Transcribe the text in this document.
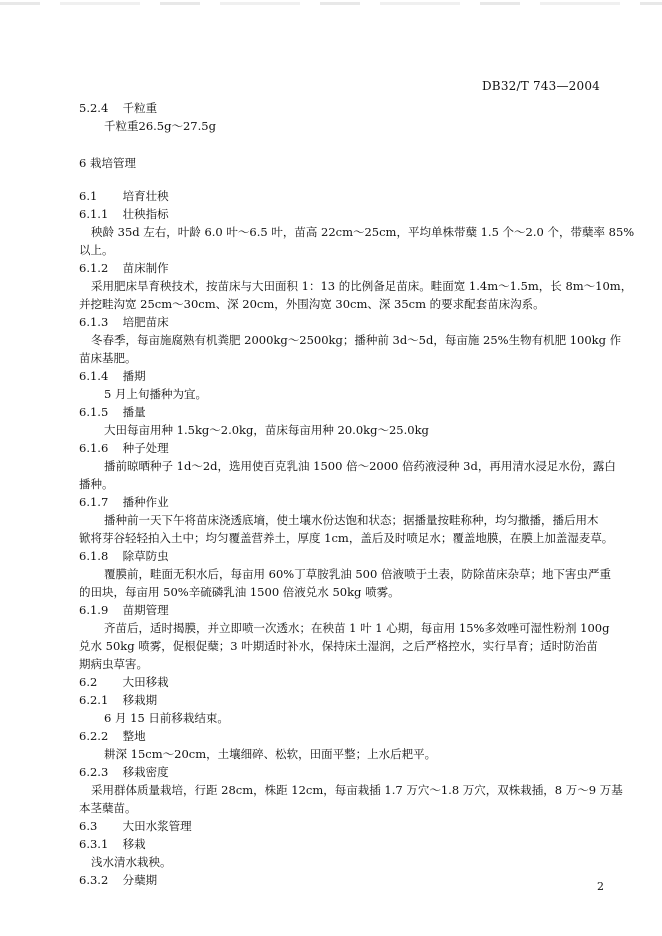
DB32/T 743—2004
5.2.4 千粒重
千粒重26.5g～27.5g
6 栽培管理
6.1 培育壮秧
6.1.1 壮秧指标
秧龄 35d 左右，叶龄 6.0 叶～6.5 叶，苗高 22cm～25cm，平均单株带蘖 1.5 个～2.0 个，带蘖率 85%
以上。
6.1.2 苗床制作
采用肥床旱育秧技术，按苗床与大田面积 1：13 的比例备足苗床。畦面宽 1.4m～1.5m，长 8m～10m，
并挖畦沟宽 25cm～30cm、深 20cm，外围沟宽 30cm、深 35cm 的要求配套苗床沟系。
6.1.3 培肥苗床
冬春季，每亩施腐熟有机粪肥 2000kg～2500kg；播种前 3d～5d，每亩施 25%生物有机肥 100kg 作
苗床基肥。
6.1.4 播期
5 月上旬播种为宜。
6.1.5 播量
大田每亩用种 1.5kg～2.0kg，苗床每亩用种 20.0kg～25.0kg
6.1.6 种子处理
播前晾晒种子 1d～2d，选用使百克乳油 1500 倍～2000 倍药液浸种 3d，再用清水浸足水份，露白
播种。
6.1.7 播种作业
播种前一天下午将苗床浇透底墒，使土壤水份达饱和状态；据播量按畦称种，均匀撒播，播后用木
锨将芽谷轻轻拍入土中；均匀覆盖营养土，厚度 1cm，盖后及时喷足水；覆盖地膜，在膜上加盖湿麦草。
6.1.8 除草防虫
覆膜前，畦面无积水后，每亩用 60%丁草胺乳油 500 倍液喷于土表，防除苗床杂草；地下害虫严重
的田块，每亩用 50%辛硫磷乳油 1500 倍液兑水 50kg 喷雾。
6.1.9 苗期管理
齐苗后，适时揭膜，并立即喷一次透水；在秧苗 1 叶 1 心期，每亩用 15%多效唑可湿性粉剂 100g
兑水 50kg 喷雾，促根促蘖；3 叶期适时补水，保持床土湿润，之后严格控水，实行旱育；适时防治苗
期病虫草害。
6.2 大田移栽
6.2.1 移栽期
6 月 15 日前移栽结束。
6.2.2 整地
耕深 15cm～20cm，土壤细碎、松软，田面平整；上水后耙平。
6.2.3 移栽密度
采用群体质量栽培，行距 28cm，株距 12cm，每亩栽插 1.7 万穴～1.8 万穴，双株栽插，8 万～9 万基
本茎蘖苗。
6.3 大田水浆管理
6.3.1 移栽
浅水清水栽秧。
6.3.2 分蘖期	2
